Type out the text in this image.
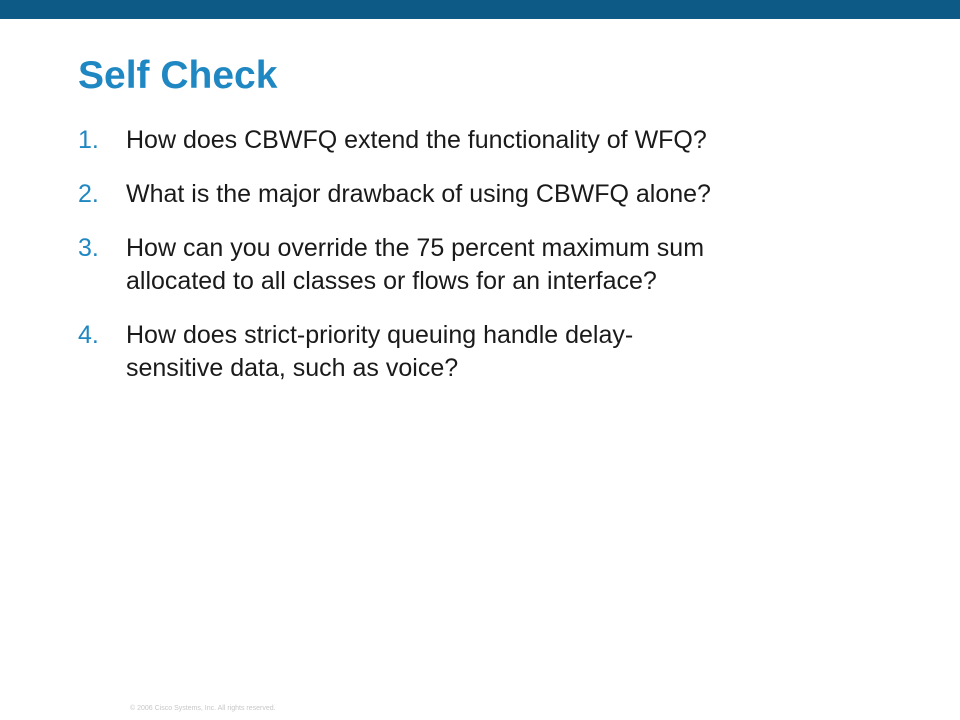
Self Check
1.	How does CBWFQ extend the functionality of WFQ?
2.	What is the major drawback of using CBWFQ alone?
3.	How can you override the 75 percent maximum sum
allocated to all classes or flows for an interface?
4.	How does strict-priority queuing handle delay-
sensitive data, such as voice?
© 2006 Cisco Systems, Inc. All rights reserved.
